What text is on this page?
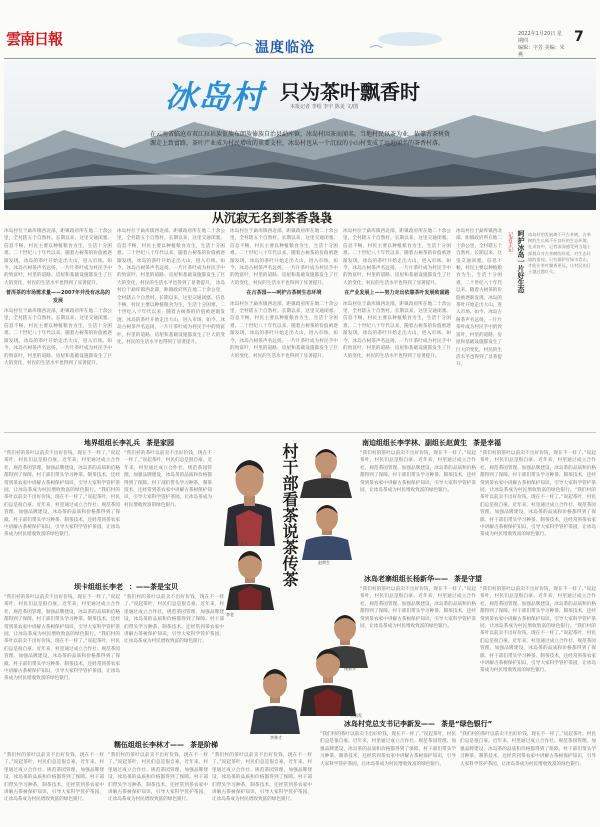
雲南日報	温度临沧
2022年1月20日 星期四
编辑：字芳 美编：朱燕
7
冰岛村 只为茶叶飘香时
本报记者 李绍 李宇 陈美 文/图
在云南省临沧市双江拉祜族佤族布朗族傣族自治县勐库镇，冰岛村因茶而闻名。当地村民以茶为业，依靠古茶树资源走上致富路，茶叶产业成为村民增收的重要支柱，冰岛村也从一个沉寂的小山村变成了远近闻名的茶香村落。
从沉寂无名到茶香袅袅
冰岛村位于勐库镇西北部，距镇政府所在地二十余公里，全村辖五个自然村。长期以来，这里交通闭塞、信息不畅，村民主要以种植粮食为生，生活十分困难。二十世纪八十年代以来，随着古树茶的价值被逐渐发现，冰岛的茶叶开始走出大山，进入市场。如今，冰岛古树茶声名远扬，一片片茶叶成为村民手中的致富叶，村里的道路、房屋和基础设施都发生了巨大的变化，村民的生活水平也得到了显著提升。
普洱茶的市场需求量——2007年并没有冰岛的发展
冰岛村位于勐库镇西北部，距镇政府所在地二十余公里，全村辖五个自然村。长期以来，这里交通闭塞、信息不畅，村民主要以种植粮食为生，生活十分困难。二十世纪八十年代以来，随着古树茶的价值被逐渐发现，冰岛的茶叶开始走出大山，进入市场。如今，冰岛古树茶声名远扬，一片片茶叶成为村民手中的致富叶，村里的道路、房屋和基础设施都发生了巨大的变化，村民的生活水平也得到了显著提升。
冰岛村位于勐库镇西北部，距镇政府所在地二十余公里，全村辖五个自然村。长期以来，这里交通闭塞、信息不畅，村民主要以种植粮食为生，生活十分困难。二十世纪八十年代以来，随着古树茶的价值被逐渐发现，冰岛的茶叶开始走出大山，进入市场。如今，冰岛古树茶声名远扬，一片片茶叶成为村民手中的致富叶，村里的道路、房屋和基础设施都发生了巨大的变化，村民的生活水平也得到了显著提升。 冰岛村位于勐库镇西北部，距镇政府所在地二十余公里，全村辖五个自然村。长期以来，这里交通闭塞、信息不畅，村民主要以种植粮食为生，生活十分困难。二十世纪八十年代以来，随着古树茶的价值被逐渐发现，冰岛的茶叶开始走出大山，进入市场。如今，冰岛古树茶声名远扬，一片片茶叶成为村民手中的致富叶，村里的道路、房屋和基础设施都发生了巨大的变化，村民的生活水平也得到了显著提升。
冰岛村位于勐库镇西北部，距镇政府所在地二十余公里，全村辖五个自然村。长期以来，这里交通闭塞、信息不畅，村民主要以种植粮食为生，生活十分困难。二十世纪八十年代以来，随着古树茶的价值被逐渐发现，冰岛的茶叶开始走出大山，进入市场。如今，冰岛古树茶声名远扬，一片片茶叶成为村民手中的致富叶，村里的道路、房屋和基础设施都发生了巨大的变化，村民的生活水平也得到了显著提升。
在古茶园——呵护古茶树生态环境
冰岛村位于勐库镇西北部，距镇政府所在地二十余公里，全村辖五个自然村。长期以来，这里交通闭塞、信息不畅，村民主要以种植粮食为生，生活十分困难。二十世纪八十年代以来，随着古树茶的价值被逐渐发现，冰岛的茶叶开始走出大山，进入市场。如今，冰岛古树茶声名远扬，一片片茶叶成为村民手中的致富叶，村里的道路、房屋和基础设施都发生了巨大的变化，村民的生活水平也得到了显著提升。
冰岛村位于勐库镇西北部，距镇政府所在地二十余公里，全村辖五个自然村。长期以来，这里交通闭塞、信息不畅，村民主要以种植粮食为生，生活十分困难。二十世纪八十年代以来，随着古树茶的价值被逐渐发现，冰岛的茶叶开始走出大山，进入市场。如今，冰岛古树茶声名远扬，一片片茶叶成为村民手中的致富叶，村里的道路、房屋和基础设施都发生了巨大的变化，村民的生活水平也得到了显著提升。
在产业发展上——努力走出依靠茶叶发展致富路
冰岛村位于勐库镇西北部，距镇政府所在地二十余公里，全村辖五个自然村。长期以来，这里交通闭塞、信息不畅，村民主要以种植粮食为生，生活十分困难。二十世纪八十年代以来，随着古树茶的价值被逐渐发现，冰岛的茶叶开始走出大山，进入市场。如今，冰岛古树茶声名远扬，一片片茶叶成为村民手中的致富叶，村里的道路、房屋和基础设施都发生了巨大的变化，村民的生活水平也得到了显著提升。
冰岛村位于勐库镇西北部，距镇政府所在地二十余公里，全村辖五个自然村。长期以来，这里交通闭塞、信息不畅，村民主要以种植粮食为生，生活十分困难。二十世纪八十年代以来，随着古树茶的价值被逐渐发现，冰岛的茶叶开始走出大山，进入市场。如今，冰岛古树茶声名远扬，一片片茶叶成为村民手中的致富叶，村里的道路、房屋和基础设施都发生了巨大的变化，村民的生活水平也得到了显著提升。
记者手记 呵护冰岛一片好生态 冰岛村的发展离不开古茶树，古茶树的生长离不开良好的生态环境。在采访中，记者深深感受到当地干部群众对古茶树的珍爱，对生态环境的重视。只有保护好绿水青山，才能让茶叶飘香更远，让村民的日子越过越红火。
地界组组长李礼兵 茶是家园	南迫组组长李学林、副组长赵黄生 茶是幸福
坝卡组组长李老 ：——茶是宝贝
冰岛老寨组组长杨新华—— 茶是守望
冰岛村党总支书记李新发—— 茶是“绿色银行”
糯伍组组长李林才—— 茶是阶梯
村干部看茶说茶传茶
“我们村的茶叶以前卖不出好价钱，现在不一样了。”说起茶叶，村民们总是很自豪。近年来，村里通过成立合作社、规范茶园管理、加强品牌建设，冰岛茶的品质和价格都得到了保障。村干部们带头学习种茶、制茶技术，还经常到茶农家中讲解古茶树保护知识，引导大家科学管护茶园，让冰岛茶成为村民增收致富的绿色银行。“我们村的茶叶以前卖不出好价钱，现在不一样了。”说起茶叶，村民们总是很自豪。近年来，村里通过成立合作社、规范茶园管理、加强品牌建设，冰岛茶的品质和价格都得到了保障。村干部们带头学习种茶、制茶技术，还经常到茶农家中讲解古茶树保护知识，引导大家科学管护茶园，让冰岛茶成为村民增收致富的绿色银行。
“我们村的茶叶以前卖不出好价钱，现在不一样了。”说起茶叶，村民们总是很自豪。近年来，村里通过成立合作社、规范茶园管理、加强品牌建设，冰岛茶的品质和价格都得到了保障。村干部们带头学习种茶、制茶技术，还经常到茶农家中讲解古茶树保护知识，引导大家科学管护茶园，让冰岛茶成为村民增收致富的绿色银行。
“我们村的茶叶以前卖不出好价钱，现在不一样了。”说起茶叶，村民们总是很自豪。近年来，村里通过成立合作社、规范茶园管理、加强品牌建设，冰岛茶的品质和价格都得到了保障。村干部们带头学习种茶、制茶技术，还经常到茶农家中讲解古茶树保护知识，引导大家科学管护茶园，让冰岛茶成为村民增收致富的绿色银行。
“我们村的茶叶以前卖不出好价钱，现在不一样了。”说起茶叶，村民们总是很自豪。近年来，村里通过成立合作社、规范茶园管理、加强品牌建设，冰岛茶的品质和价格都得到了保障。村干部们带头学习种茶、制茶技术，还经常到茶农家中讲解古茶树保护知识，引导大家科学管护茶园，让冰岛茶成为村民增收致富的绿色银行。“我们村的茶叶以前卖不出好价钱，现在不一样了。”说起茶叶，村民们总是很自豪。近年来，村里通过成立合作社、规范茶园管理、加强品牌建设，冰岛茶的品质和价格都得到了保障。村干部们带头学习种茶、制茶技术，还经常到茶农家中讲解古茶树保护知识，引导大家科学管护茶园，让冰岛茶成为村民增收致富的绿色银行。
“我们村的茶叶以前卖不出好价钱，现在不一样了。”说起茶叶，村民们总是很自豪。近年来，村里通过成立合作社、规范茶园管理、加强品牌建设，冰岛茶的品质和价格都得到了保障。村干部们带头学习种茶、制茶技术，还经常到茶农家中讲解古茶树保护知识，引导大家科学管护茶园，让冰岛茶成为村民增收致富的绿色银行。“我们村的茶叶以前卖不出好价钱，现在不一样了。”说起茶叶，村民们总是很自豪。近年来，村里通过成立合作社、规范茶园管理、加强品牌建设，冰岛茶的品质和价格都得到了保障。村干部们带头学习种茶、制茶技术，还经常到茶农家中讲解古茶树保护知识，引导大家科学管护茶园，让冰岛茶成为村民增收致富的绿色银行。
“我们村的茶叶以前卖不出好价钱，现在不一样了。”说起茶叶，村民们总是很自豪。近年来，村里通过成立合作社、规范茶园管理、加强品牌建设，冰岛茶的品质和价格都得到了保障。村干部们带头学习种茶、制茶技术，还经常到茶农家中讲解古茶树保护知识，引导大家科学管护茶园，让冰岛茶成为村民增收致富的绿色银行。
“我们村的茶叶以前卖不出好价钱，现在不一样了。”说起茶叶，村民们总是很自豪。近年来，村里通过成立合作社、规范茶园管理、加强品牌建设，冰岛茶的品质和价格都得到了保障。村干部们带头学习种茶、制茶技术，还经常到茶农家中讲解古茶树保护知识，引导大家科学管护茶园，让冰岛茶成为村民增收致富的绿色银行。
“我们村的茶叶以前卖不出好价钱，现在不一样了。”说起茶叶，村民们总是很自豪。近年来，村里通过成立合作社、规范茶园管理、加强品牌建设，冰岛茶的品质和价格都得到了保障。村干部们带头学习种茶、制茶技术，还经常到茶农家中讲解古茶树保护知识，引导大家科学管护茶园，让冰岛茶成为村民增收致富的绿色银行。“我们村的茶叶以前卖不出好价钱，现在不一样了。”说起茶叶，村民们总是很自豪。近年来，村里通过成立合作社、规范茶园管理、加强品牌建设，冰岛茶的品质和价格都得到了保障。村干部们带头学习种茶、制茶技术，还经常到茶农家中讲解古茶树保护知识，引导大家科学管护茶园，让冰岛茶成为村民增收致富的绿色银行。
“我们村的茶叶以前卖不出好价钱，现在不一样了。”说起茶叶，村民们总是很自豪。近年来，村里通过成立合作社、规范茶园管理、加强品牌建设，冰岛茶的品质和价格都得到了保障。村干部们带头学习种茶、制茶技术，还经常到茶农家中讲解古茶树保护知识，引导大家科学管护茶园，让冰岛茶成为村民增收致富的绿色银行。
“我们村的茶叶以前卖不出好价钱，现在不一样了。”说起茶叶，村民们总是很自豪。近年来，村里通过成立合作社、规范茶园管理、加强品牌建设，冰岛茶的品质和价格都得到了保障。村干部们带头学习种茶、制茶技术，还经常到茶农家中讲解古茶树保护知识，引导大家科学管护茶园，让冰岛茶成为村民增收致富的绿色银行。
“我们村的茶叶以前卖不出好价钱，现在不一样了。”说起茶叶，村民们总是很自豪。近年来，村里通过成立合作社、规范茶园管理、加强品牌建设，冰岛茶的品质和价格都得到了保障。村干部们带头学习种茶、制茶技术，还经常到茶农家中讲解古茶树保护知识，引导大家科学管护茶园，让冰岛茶成为村民增收致富的绿色银行。
“我们村的茶叶以前卖不出好价钱，现在不一样了。”说起茶叶，村民们总是很自豪。近年来，村里通过成立合作社、规范茶园管理、加强品牌建设，冰岛茶的品质和价格都得到了保障。村干部们带头学习种茶、制茶技术，还经常到茶农家中讲解古茶树保护知识，引导大家科学管护茶园，让冰岛茶成为村民增收致富的绿色银行。
“我们村的茶叶以前卖不出好价钱，现在不一样了。”说起茶叶，村民们总是很自豪。近年来，村里通过成立合作社、规范茶园管理、加强品牌建设，冰岛茶的品质和价格都得到了保障。村干部们带头学习种茶、制茶技术，还经常到茶农家中讲解古茶树保护知识，引导大家科学管护茶园，让冰岛茶成为村民增收致富的绿色银行。
李礼兵
李学林
赵黄生
李老
杨新华
李新发
李林才
